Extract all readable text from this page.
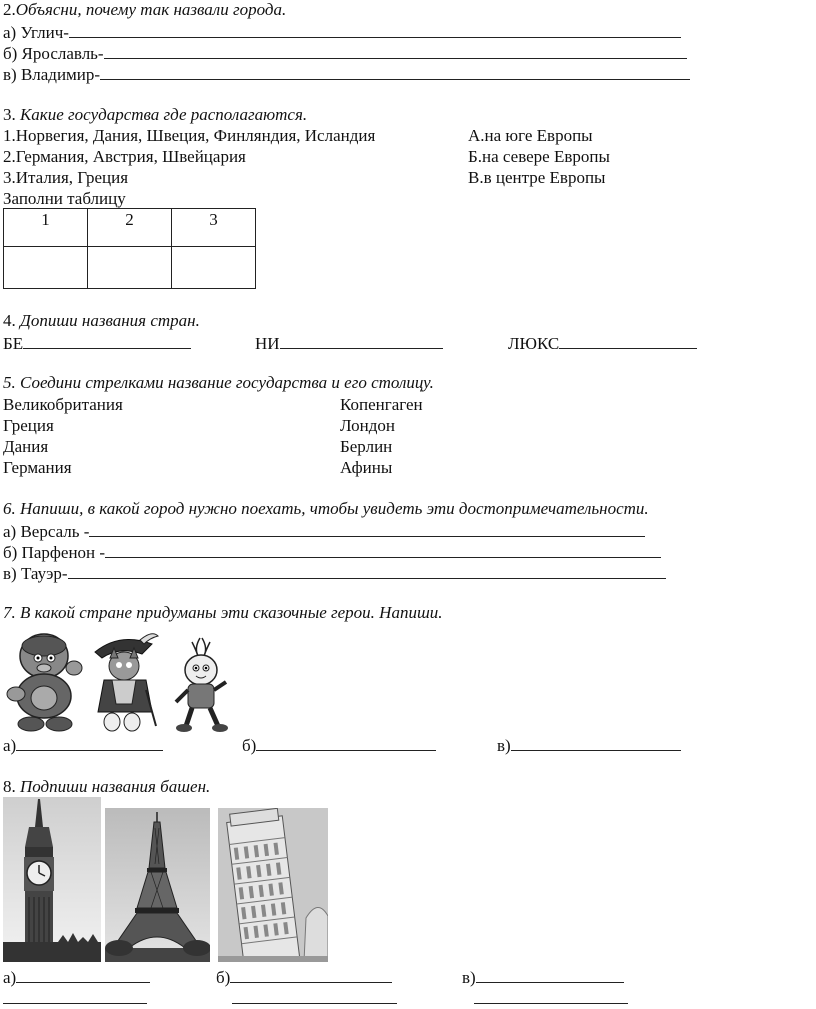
2.Объясни, почему так назвали города.
а) Углич-
б) Ярославль-
в) Владимир-
3. Какие государства где располагаются.
1.Норвегия, Дания, Швеция, Финляндия, Исландия
2.Германия, Австрия, Швейцария
3.Италия, Греция
А.на юге Европы
Б.на севере Европы
В.в центре Европы
Заполни таблицу
1	2	3

4. Допиши названия стран.
БЕ	НИ	ЛЮКС
5. Соедини стрелками название государства и его столицу.
Великобритания
Греция
Дания
Германия
Копенгаген
Лондон
Берлин
Афины
6. Напиши, в какой город нужно поехать, чтобы увидеть эти достопримечательности.
а) Версаль -
б) Парфенон -
в) Тауэр-
7. В какой стране придуманы эти сказочные герои. Напиши.
а)	б)	в)
8. Подпиши названия башен.
а)	б)	в)
